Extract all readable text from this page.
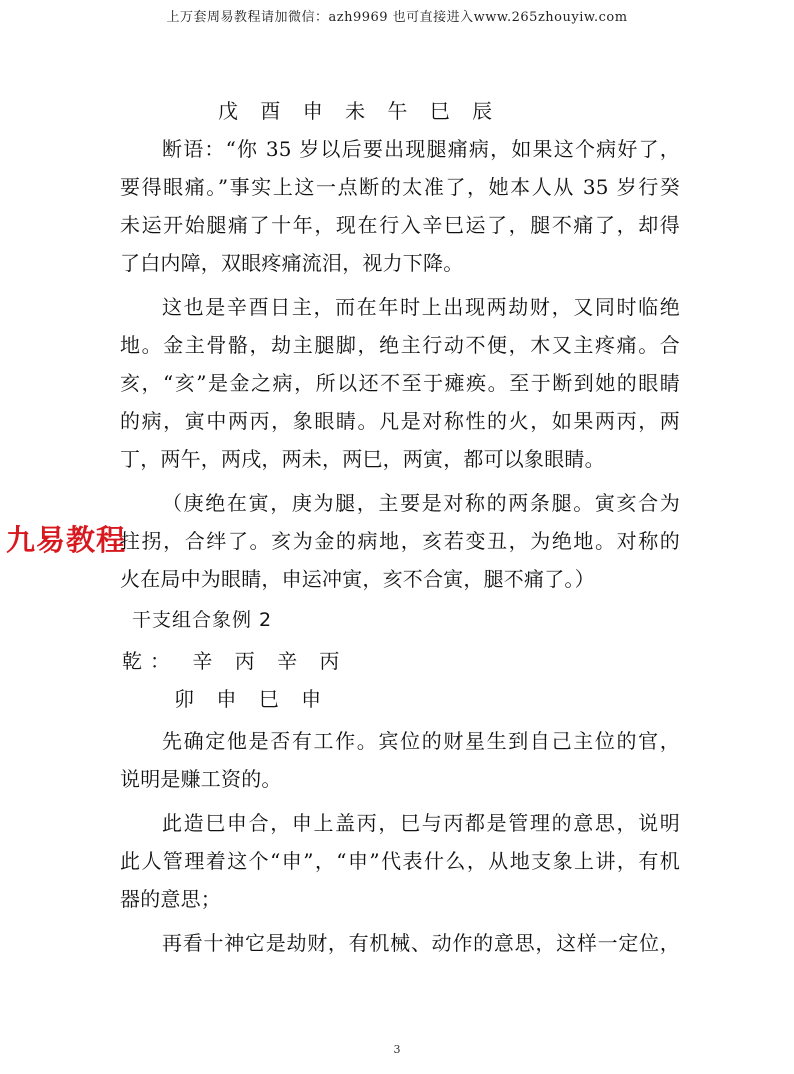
上万套周易教程请加微信：azh9969 也可直接进入www.265zhouyiw.com
戊 酉 申 未 午 巳 辰
断语：“你 35 岁以后要出现腿痛病，如果这个病好了，
要得眼痛。”事实上这一点断的太准了，她本人从 35 岁行癸
未运开始腿痛了十年，现在行入辛巳运了，腿不痛了，却得
了白内障，双眼疼痛流泪，视力下降。
这也是辛酉日主，而在年时上出现两劫财，又同时临绝
地。金主骨骼，劫主腿脚，绝主行动不便，木又主疼痛。合
亥，“亥”是金之病，所以还不至于瘫痪。至于断到她的眼睛
的病，寅中两丙，象眼睛。凡是对称性的火，如果两丙，两
丁，两午，两戌，两未，两巳，两寅，都可以象眼睛。
（庚绝在寅，庚为腿，主要是对称的两条腿。寅亥合为
拄拐，合绊了。亥为金的病地，亥若变丑，为绝地。对称的
火在局中为眼睛，申运冲寅，亥不合寅，腿不痛了。）
干支组合象例 2
乾： 辛 丙 辛 丙
卯 申 巳 申
先确定他是否有工作。宾位的财星生到自己主位的官，
说明是赚工资的。
此造巳申合，申上盖丙，巳与丙都是管理的意思，说明
此人管理着这个“申”，“申”代表什么，从地支象上讲，有机
器的意思；
再看十神它是劫财，有机械、动作的意思，这样一定位，
九易教程
3
